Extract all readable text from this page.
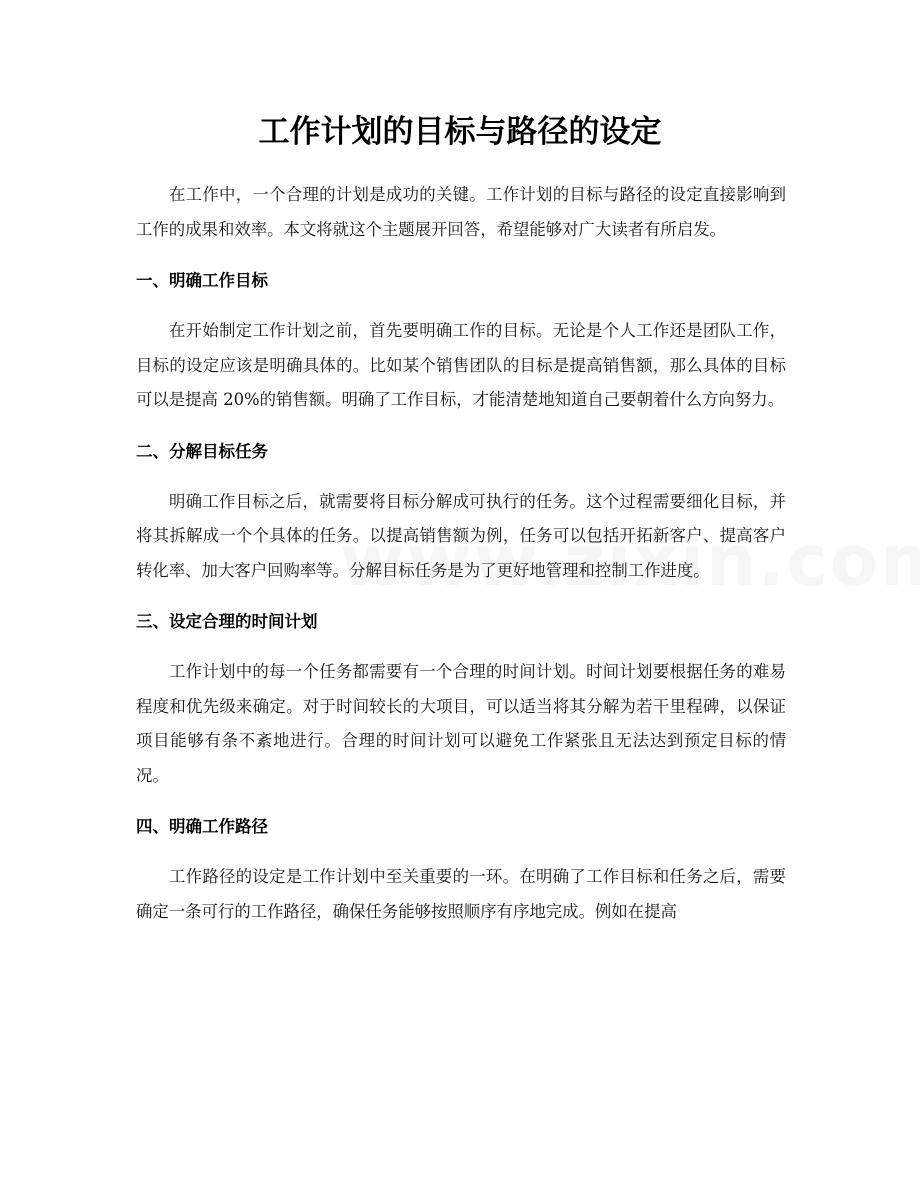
工作计划的目标与路径的设定

在工作中，一个合理的计划是成功的关键。工作计划的目标与路径的设定直接影响到工作的成果和效率。本文将就这个主题展开回答，希望能够对广大读者有所启发。

一、明确工作目标

在开始制定工作计划之前，首先要明确工作的目标。无论是个人工作还是团队工作，目标的设定应该是明确具体的。比如某个销售团队的目标是提高销售额，那么具体的目标可以是提高 20%的销售额。明确了工作目标，才能清楚地知道自己要朝着什么方向努力。

二、分解目标任务

明确工作目标之后，就需要将目标分解成可执行的任务。这个过程需要细化目标，并将其拆解成一个个具体的任务。以提高销售额为例，任务可以包括开拓新客户、提高客户转化率、加大客户回购率等。分解目标任务是为了更好地管理和控制工作进度。

三、设定合理的时间计划

工作计划中的每一个任务都需要有一个合理的时间计划。时间计划要根据任务的难易程度和优先级来确定。对于时间较长的大项目，可以适当将其分解为若干里程碑，以保证项目能够有条不紊地进行。合理的时间计划可以避免工作紧张且无法达到预定目标的情况。

四、明确工作路径

工作路径的设定是工作计划中至关重要的一环。在明确了工作目标和任务之后，需要确定一条可行的工作路径，确保任务能够按照顺序有序地完成。例如在提高
